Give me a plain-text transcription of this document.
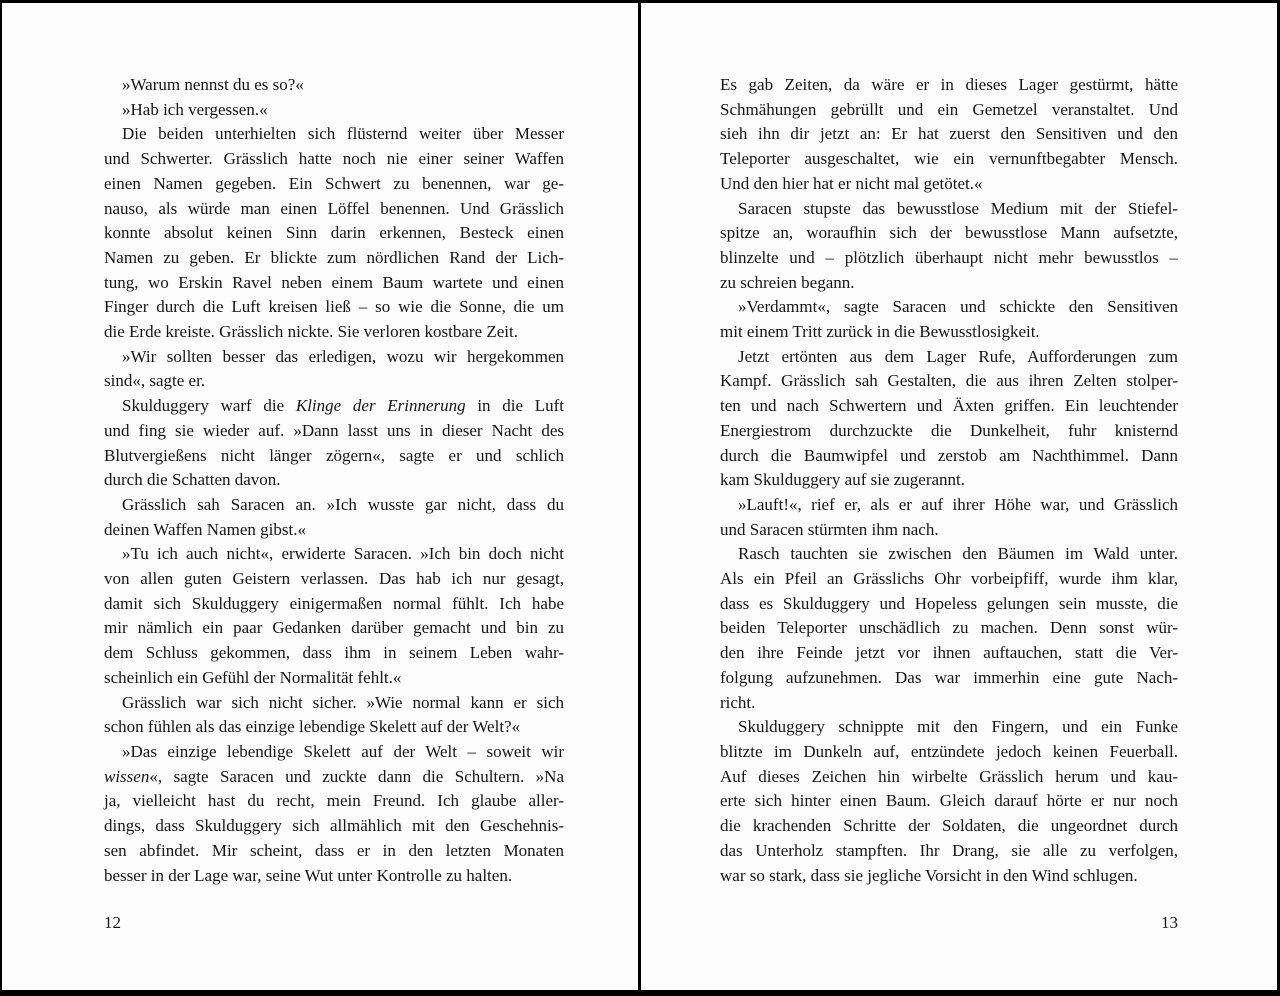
»Warum nennst du es so?«
»Hab ich vergessen.«
Die beiden unterhielten sich flüsternd weiter über Messer
und Schwerter. Grässlich hatte noch nie einer seiner Waffen
einen Namen gegeben. Ein Schwert zu benennen, war ge-
nauso, als würde man einen Löffel benennen. Und Grässlich
konnte absolut keinen Sinn darin erkennen, Besteck einen
Namen zu geben. Er blickte zum nördlichen Rand der Lich-
tung, wo Erskin Ravel neben einem Baum wartete und einen
Finger durch die Luft kreisen ließ – so wie die Sonne, die um
die Erde kreiste. Grässlich nickte. Sie verloren kostbare Zeit.
»Wir sollten besser das erledigen, wozu wir hergekommen
sind«, sagte er.
Skulduggery warf die Klinge der Erinnerung in die Luft
und fing sie wieder auf. »Dann lasst uns in dieser Nacht des
Blutvergießens nicht länger zögern«, sagte er und schlich
durch die Schatten davon.
Grässlich sah Saracen an. »Ich wusste gar nicht, dass du
deinen Waffen Namen gibst.«
»Tu ich auch nicht«, erwiderte Saracen. »Ich bin doch nicht
von allen guten Geistern verlassen. Das hab ich nur gesagt,
damit sich Skulduggery einigermaßen normal fühlt. Ich habe
mir nämlich ein paar Gedanken darüber gemacht und bin zu
dem Schluss gekommen, dass ihm in seinem Leben wahr-
scheinlich ein Gefühl der Normalität fehlt.«
Grässlich war sich nicht sicher. »Wie normal kann er sich
schon fühlen als das einzige lebendige Skelett auf der Welt?«
»Das einzige lebendige Skelett auf der Welt – soweit wir
wissen«, sagte Saracen und zuckte dann die Schultern. »Na
ja, vielleicht hast du recht, mein Freund. Ich glaube aller-
dings, dass Skulduggery sich allmählich mit den Geschehnis-
sen abfindet. Mir scheint, dass er in den letzten Monaten
besser in der Lage war, seine Wut unter Kontrolle zu halten.
12
Es gab Zeiten, da wäre er in dieses Lager gestürmt, hätte
Schmähungen gebrüllt und ein Gemetzel veranstaltet. Und
sieh ihn dir jetzt an: Er hat zuerst den Sensitiven und den
Teleporter ausgeschaltet, wie ein vernunftbegabter Mensch.
Und den hier hat er nicht mal getötet.«
Saracen stupste das bewusstlose Medium mit der Stiefel-
spitze an, woraufhin sich der bewusstlose Mann aufsetzte,
blinzelte und – plötzlich überhaupt nicht mehr bewusstlos –
zu schreien begann.
»Verdammt«, sagte Saracen und schickte den Sensitiven
mit einem Tritt zurück in die Bewusstlosigkeit.
Jetzt ertönten aus dem Lager Rufe, Aufforderungen zum
Kampf. Grässlich sah Gestalten, die aus ihren Zelten stolper-
ten und nach Schwertern und Äxten griffen. Ein leuchtender
Energiestrom durchzuckte die Dunkelheit, fuhr knisternd
durch die Baumwipfel und zerstob am Nachthimmel. Dann
kam Skulduggery auf sie zugerannt.
»Lauft!«, rief er, als er auf ihrer Höhe war, und Grässlich
und Saracen stürmten ihm nach.
Rasch tauchten sie zwischen den Bäumen im Wald unter.
Als ein Pfeil an Grässlichs Ohr vorbeipfiff, wurde ihm klar,
dass es Skulduggery und Hopeless gelungen sein musste, die
beiden Teleporter unschädlich zu machen. Denn sonst wür-
den ihre Feinde jetzt vor ihnen auftauchen, statt die Ver-
folgung aufzunehmen. Das war immerhin eine gute Nach-
richt.
Skulduggery schnippte mit den Fingern, und ein Funke
blitzte im Dunkeln auf, entzündete jedoch keinen Feuerball.
Auf dieses Zeichen hin wirbelte Grässlich herum und kau-
erte sich hinter einen Baum. Gleich darauf hörte er nur noch
die krachenden Schritte der Soldaten, die ungeordnet durch
das Unterholz stampften. Ihr Drang, sie alle zu verfolgen,
war so stark, dass sie jegliche Vorsicht in den Wind schlugen.
13
